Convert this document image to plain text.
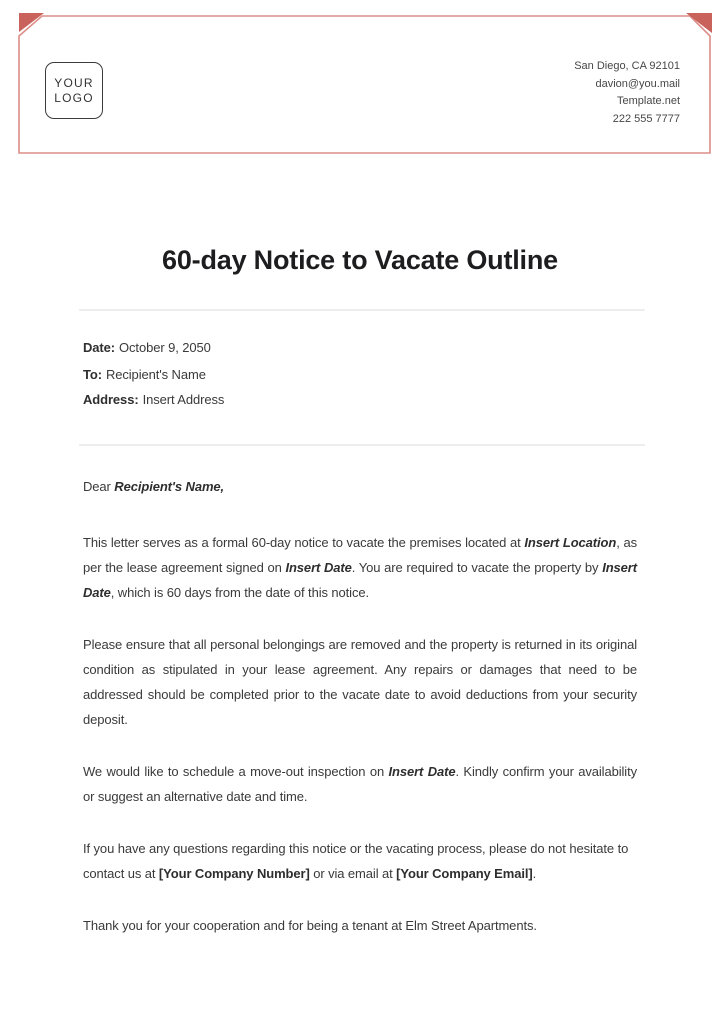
YOUR
LOGO
San Diego, CA 92101
davion@you.mail
Template.net
222 555 7777
60-day Notice to Vacate Outline
Date: October 9, 2050
To: Recipient's Name
Address: Insert Address

Dear Recipient's Name,

This letter serves as a formal 60-day notice to vacate the premises located at Insert Location, as per the lease agreement signed on Insert Date. You are required to vacate the property by Insert Date, which is 60 days from the date of this notice.

Please ensure that all personal belongings are removed and the property is returned in its original condition as stipulated in your lease agreement. Any repairs or damages that need to be addressed should be completed prior to the vacate date to avoid deductions from your security deposit.

We would like to schedule a move-out inspection on Insert Date. Kindly confirm your availability or suggest an alternative date and time.

If you have any questions regarding this notice or the vacating process, please do not hesitate to contact us at [Your Company Number] or via email at [Your Company Email].

Thank you for your cooperation and for being a tenant at Elm Street Apartments.
